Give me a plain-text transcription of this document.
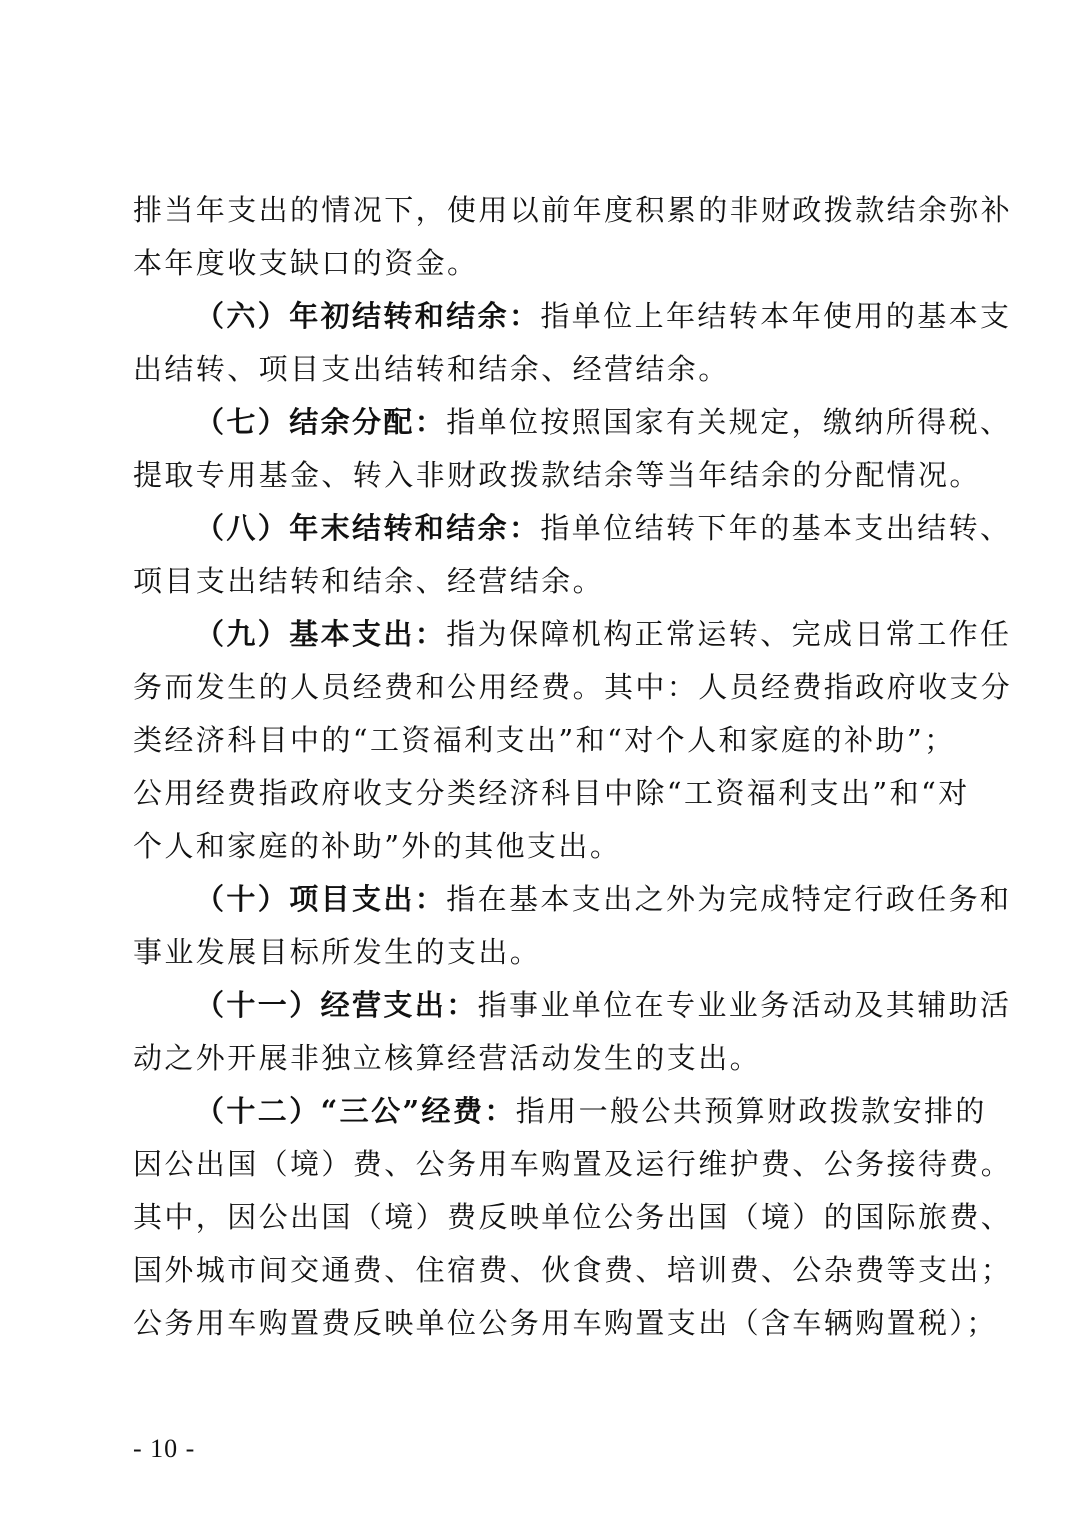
排当年支出的情况下，使用以前年度积累的非财政拨款结余弥补
本年度收支缺口的资金。
（六）年初结转和结余：指单位上年结转本年使用的基本支
出结转、项目支出结转和结余、经营结余。
（七）结余分配：指单位按照国家有关规定，缴纳所得税、
提取专用基金、转入非财政拨款结余等当年结余的分配情况。
（八）年末结转和结余：指单位结转下年的基本支出结转、
项目支出结转和结余、经营结余。
（九）基本支出：指为保障机构正常运转、完成日常工作任
务而发生的人员经费和公用经费。其中：人员经费指政府收支分
类经济科目中的“工资福利支出”和“对个人和家庭的补助”；
公用经费指政府收支分类经济科目中除“工资福利支出”和“对
个人和家庭的补助”外的其他支出。
（十）项目支出：指在基本支出之外为完成特定行政任务和
事业发展目标所发生的支出。
（十一）经营支出：指事业单位在专业业务活动及其辅助活
动之外开展非独立核算经营活动发生的支出。
（十二）“三公”经费：指用一般公共预算财政拨款安排的
因公出国（境）费、公务用车购置及运行维护费、公务接待费。
其中，因公出国（境）费反映单位公务出国（境）的国际旅费、
国外城市间交通费、住宿费、伙食费、培训费、公杂费等支出；
公务用车购置费反映单位公务用车购置支出（含车辆购置税）；
- 10 -
